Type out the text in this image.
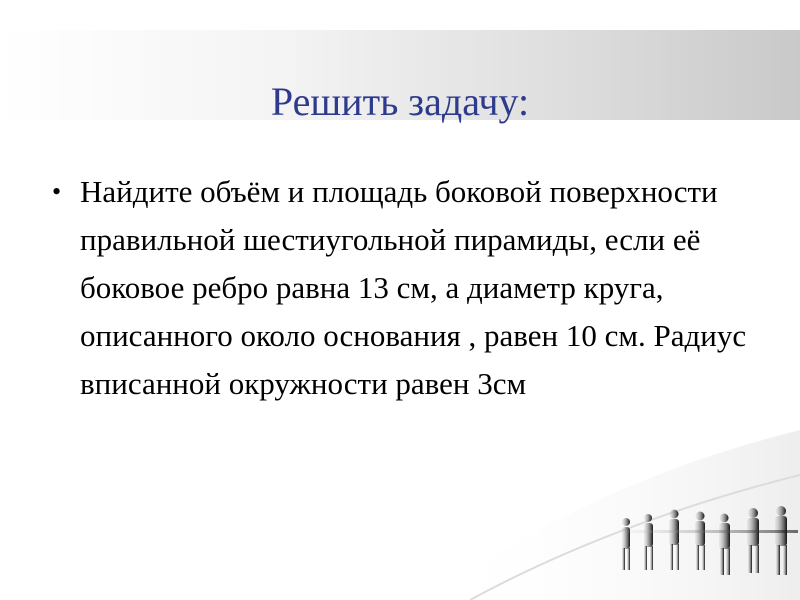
Решить задачу:
• Найдите объём и площадь боковой поверхности правильной шестиугольной пирамиды, если её боковое ребро равна 13 см, а диаметр круга, описанного около основания , равен 10 см. Радиус вписанной окружности равен 3см
